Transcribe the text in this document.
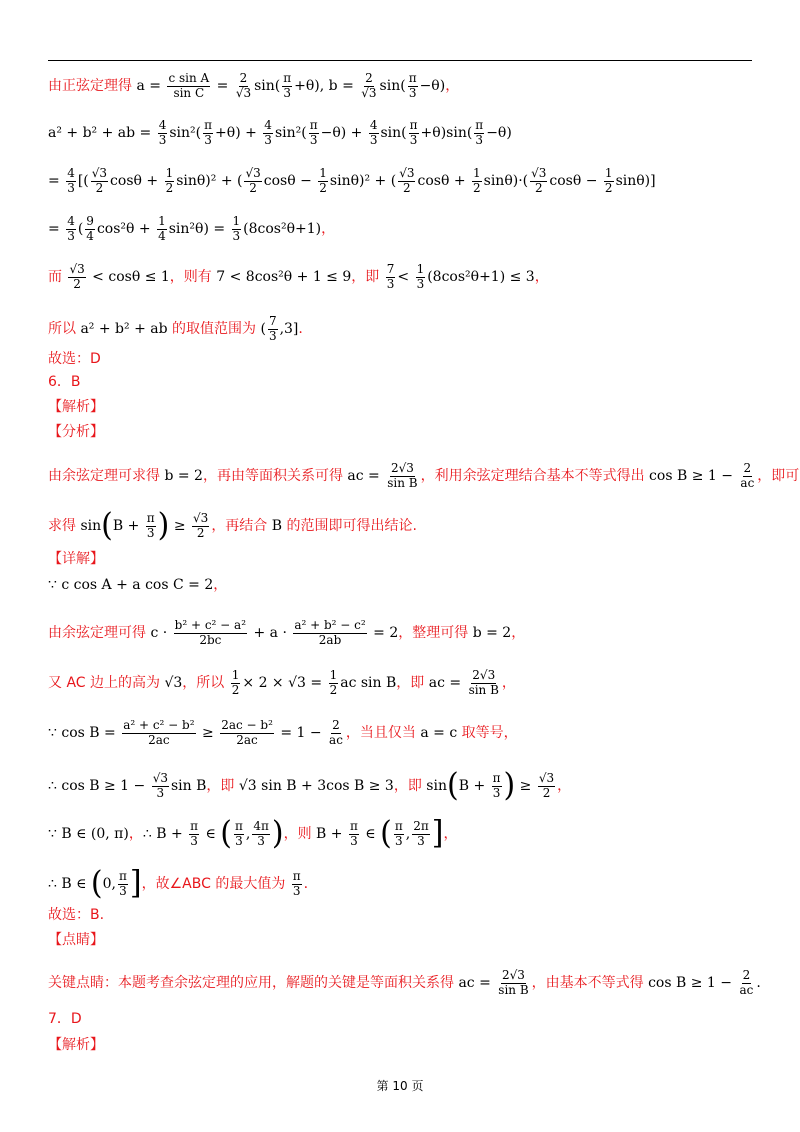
由正弦定理得 $a = \frac{\text{c sin A}}{\text{sin C}} = \frac{2}{√3} \sin( \frac{\pi}{3} +\theta)$, $b = \frac{2}{√3} \sin( \frac{\pi}{3} -\theta)$ ，
a² + b² + ab = $\frac{4}{3} \sin^2( \frac{\pi}{3} +\theta) + \frac{4}{3} \sin^2( \frac{\pi}{3} -\theta) + \frac{4}{3} \sin( \frac{\pi}{3} +\theta)\sin( \frac{\pi}{3} -\theta)$
= $\frac{4}{3}$ [( $\frac{√3}{2}$ $\cos\theta + \frac{1}{2} \sin\theta)^2$ + ( $\frac{√3}{2}$ $\cos\theta - \frac{1}{2} \sin\theta)^2$ + ( $\frac{√3}{2}$ $\cos\theta + \frac{1}{2} \sin\theta)\cdot( \frac{√3}{2}$ $\cos\theta - \frac{1}{2} \sin\theta$)]
= $\frac{4}{3}$ ( $\frac{9}{4} \cos^2\theta + \frac{1}{4} \sin^2\theta) = \frac{1}{3} (8\cos^2\theta+1)$ ，
而 $\frac{√3}{2} < \cos\theta \le 1$ ，则有 7 < 8cos²θ + 1 ≤ 9 ，即 $\frac{7}{3} < \frac{1}{3} (8\cos^2\theta+1) \le 3$ ，
所以 a² + b² + ab 的取值范围为 ( $\frac{7}{3} ,3$] .
故选：D
6．B
【解析】
【分析】
由余弦定理可求得 b = 2 ，再由等面积关系可得 ac = $\frac{2√3}{\text{sin B}}$ ，利用余弦定理结合基本不等式得出 $\cos B \ge 1 - \frac{2}{ac}$ ，即可
求得 sin ( $B + \frac{\pi}{3}$ ) ≥ $\frac{√3}{2}$ ，再结合 B 的范围即可得出结论.
【详解】
∵ c cos A + a cos C = 2 ，
由余弦定理可得 $c \cdot \frac{\text{b² + c² − a²}}{2bc} + a \cdot \frac{\text{a² + b² − c²}}{2ab} = 2$ ，整理可得 b = 2 ，
又 AC 边上的高为 √3 ，所以 $\frac{1}{2} \times 2 \times √3 = \frac{1}{2}$ ac sin B ，即 ac = $\frac{2√3}{\text{sin B}}$ ，
∵ $\cos B = \frac{\text{a² + c² − b²}}{2ac} \ge \frac{\text{2ac − b²}}{2ac} = 1 - \frac{2}{ac}$ ，当且仅当 a = c 取等号，
∴ $\cos B \ge 1 - \frac{√3}{3}$ sin B ，即 √3 sin B + 3cos B ≥ 3 ，即 sin ( $B + \frac{\pi}{3}$ ) ≥ $\frac{√3}{2}$ ，
∵ B ∈ (0, π) ， ∴ $B + \frac{\pi}{3}$ ∈ ( $\frac{\pi}{3}$ , $\frac{4\pi}{3}$ ) ，则 $B + \frac{\pi}{3}$ ∈ ( $\frac{\pi}{3}$ , $\frac{2\pi}{3}$ ] ，
∴ B ∈ ( 0, $\frac{\pi}{3}$ ] ，故∠ABC 的最大值为 $\frac{\pi}{3}$ .
故选：B.
【点睛】
关键点睛：本题考查余弦定理的应用，解题的关键是等面积关系得 ac = $\frac{2√3}{\text{sin B}}$ ，由基本不等式得 $\cos B \ge 1 - \frac{2}{ac}$ .
7．D
【解析】
第 10 页
